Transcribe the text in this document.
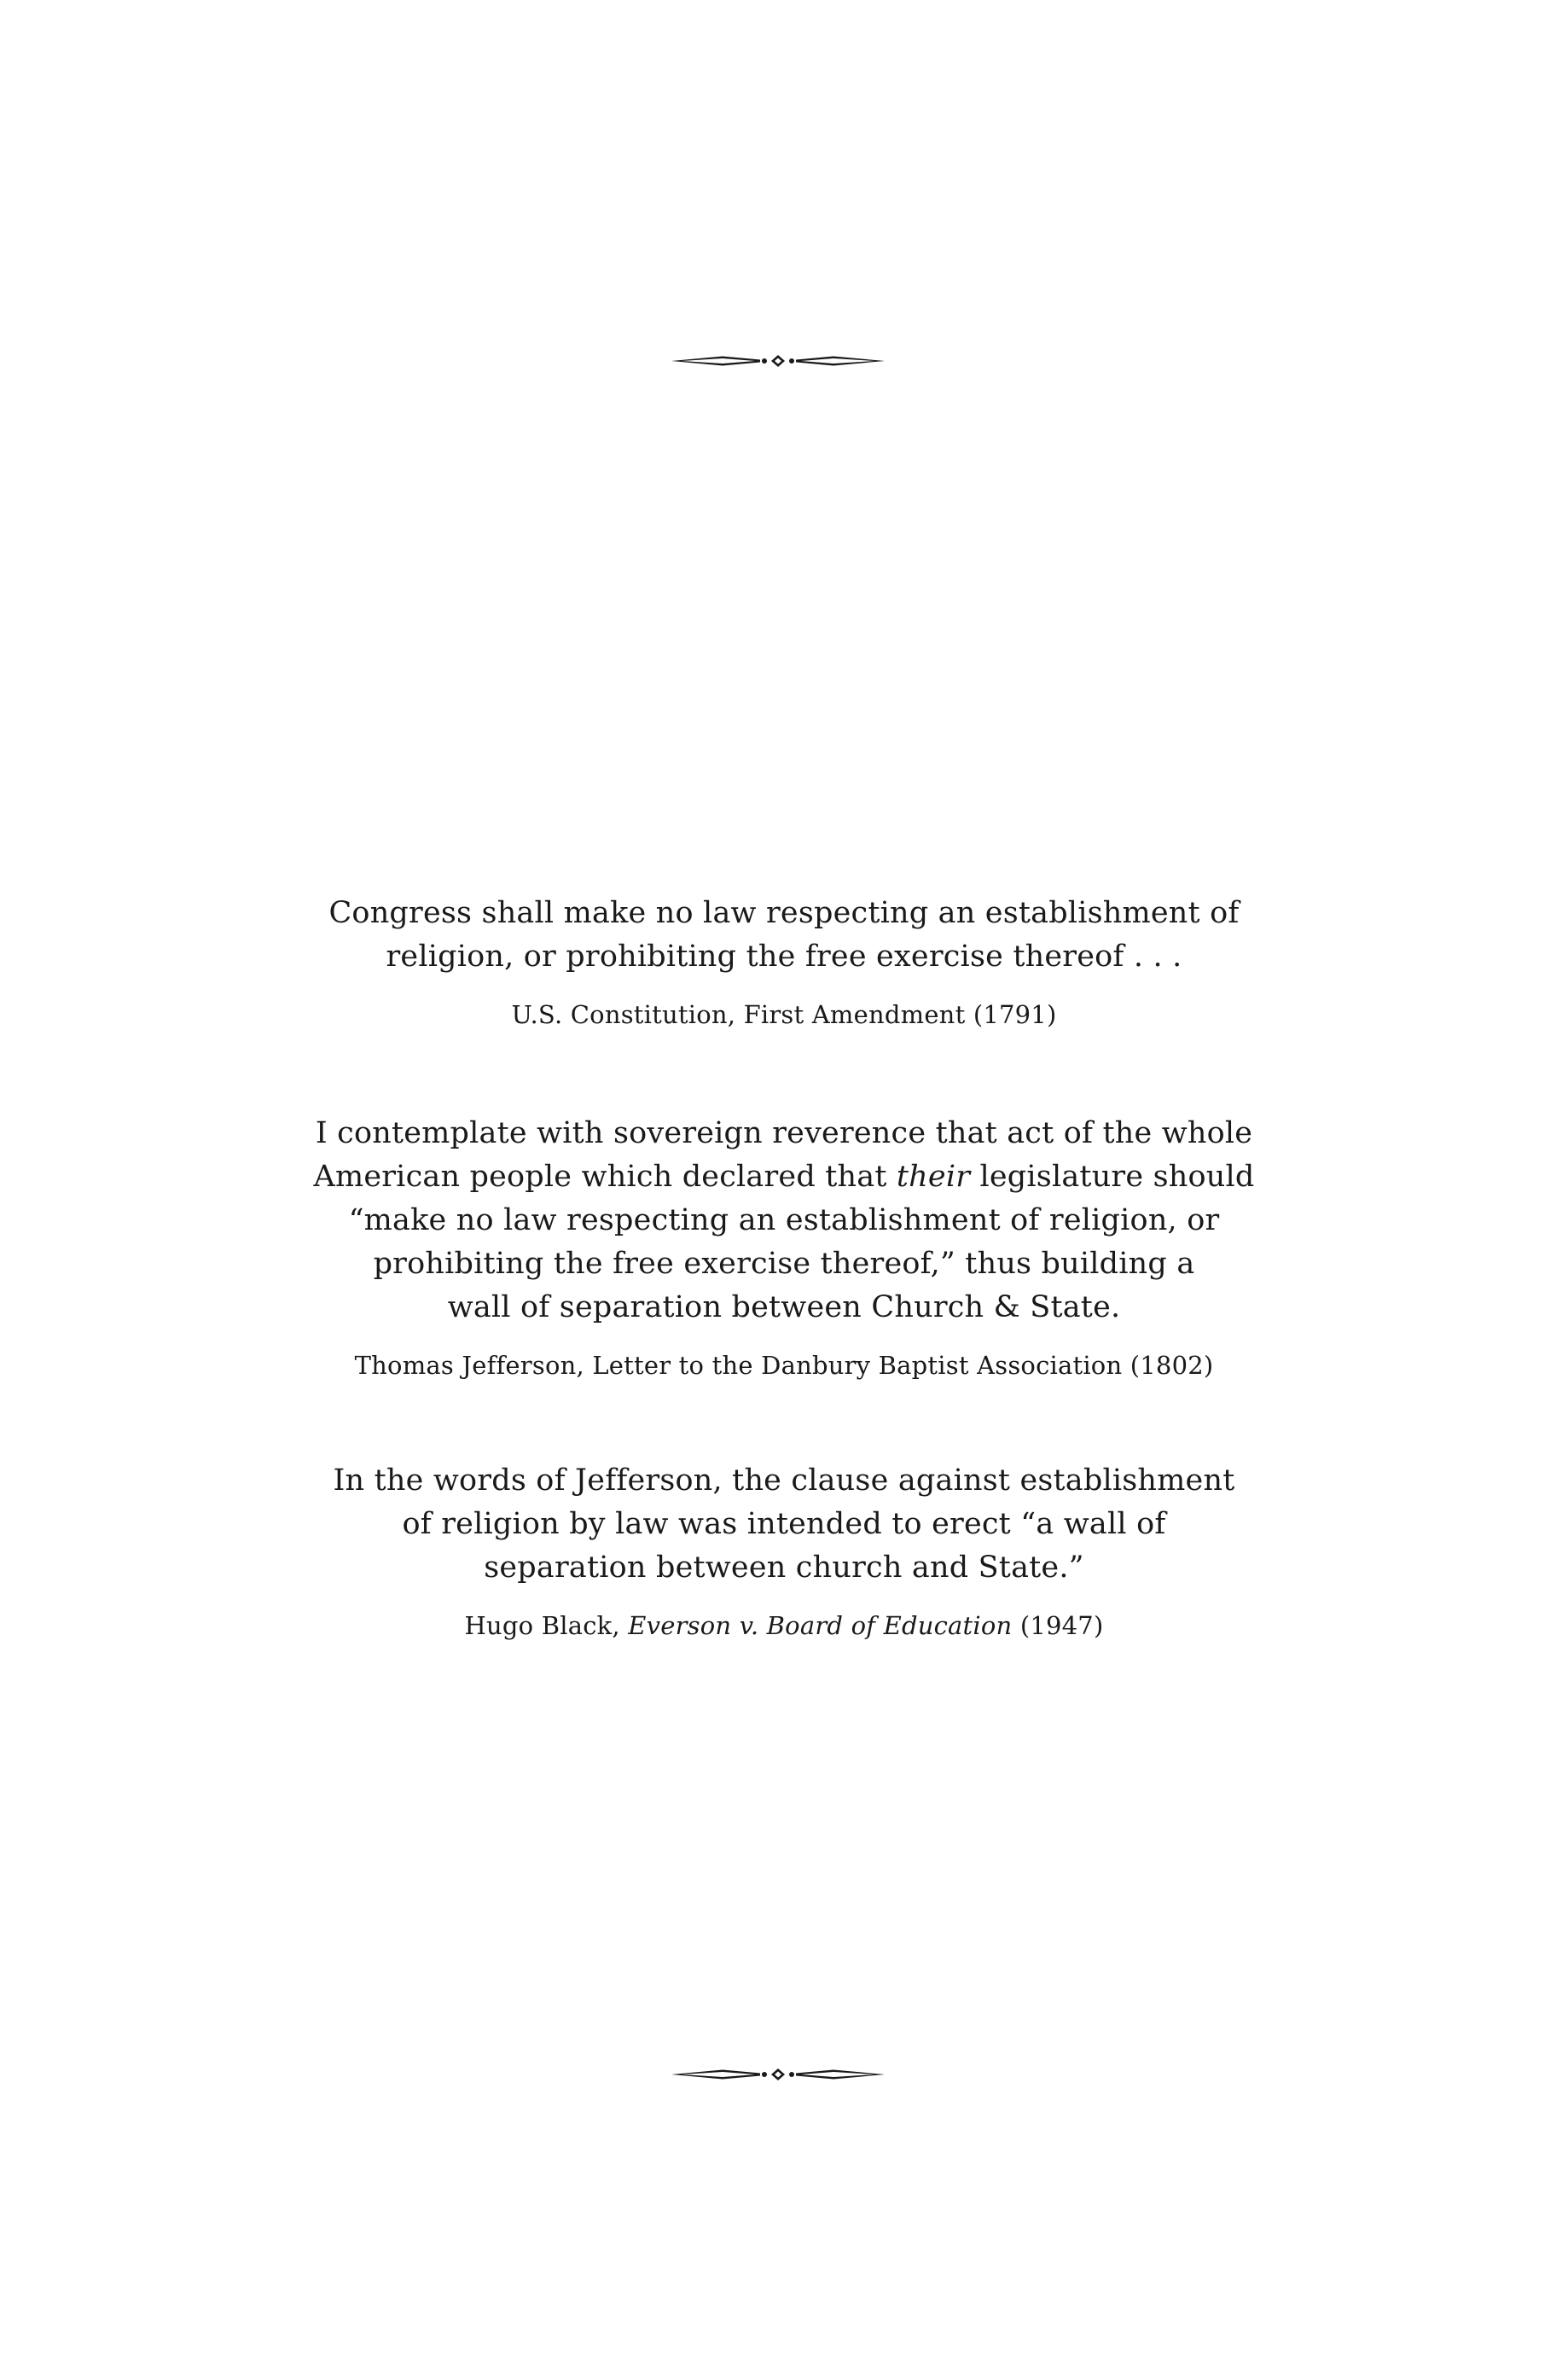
Congress shall make no law respecting an establishment of
religion, or prohibiting the free exercise thereof . . .

U.S. Constitution, First Amendment (1791)

I contemplate with sovereign reverence that act of the whole
American people which declared that their legislature should
“make no law respecting an establishment of religion, or
prohibiting the free exercise thereof,” thus building a
wall of separation between Church & State.

Thomas Jefferson, Letter to the Danbury Baptist Association (1802)

In the words of Jefferson, the clause against establishment
of religion by law was intended to erect “a wall of
separation between church and State.”

Hugo Black, Everson v. Board of Education (1947)
